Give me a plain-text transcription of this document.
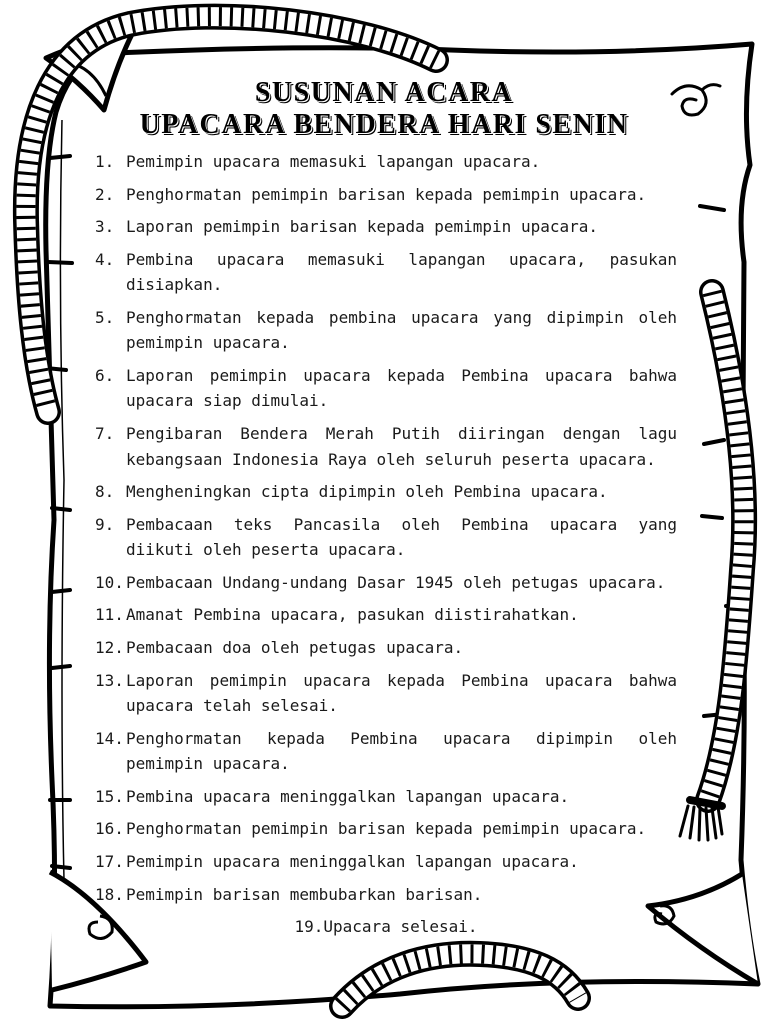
SUSUNAN ACARA
UPACARA BENDERA HARI SENIN
1. Pemimpin upacara memasuki lapangan upacara.
2. Penghormatan pemimpin barisan kepada pemimpin upacara.
3. Laporan pemimpin barisan kepada pemimpin upacara.
4. Pembina upacara memasuki lapangan upacara, pasukan disiapkan.
5. Penghormatan kepada pembina upacara yang dipimpin oleh pemimpin upacara.
6. Laporan pemimpin upacara kepada Pembina upacara bahwa upacara siap dimulai.
7. Pengibaran Bendera Merah Putih diiringan dengan lagu kebangsaan Indonesia Raya oleh seluruh peserta upacara.
8. Mengheningkan cipta dipimpin oleh Pembina upacara.
9. Pembacaan teks Pancasila oleh Pembina upacara yang diikuti oleh peserta upacara.
10. Pembacaan Undang-undang Dasar 1945 oleh petugas upacara.
11. Amanat Pembina upacara, pasukan diistirahatkan.
12. Pembacaan doa oleh petugas upacara.
13. Laporan pemimpin upacara kepada Pembina upacara bahwa upacara telah selesai.
14. Penghormatan kepada Pembina upacara dipimpin oleh pemimpin upacara.
15. Pembina upacara meninggalkan lapangan upacara.
16. Penghormatan pemimpin barisan kepada pemimpin upacara.
17. Pemimpin upacara meninggalkan lapangan upacara.
18. Pemimpin barisan membubarkan barisan.
19. Upacara selesai.
